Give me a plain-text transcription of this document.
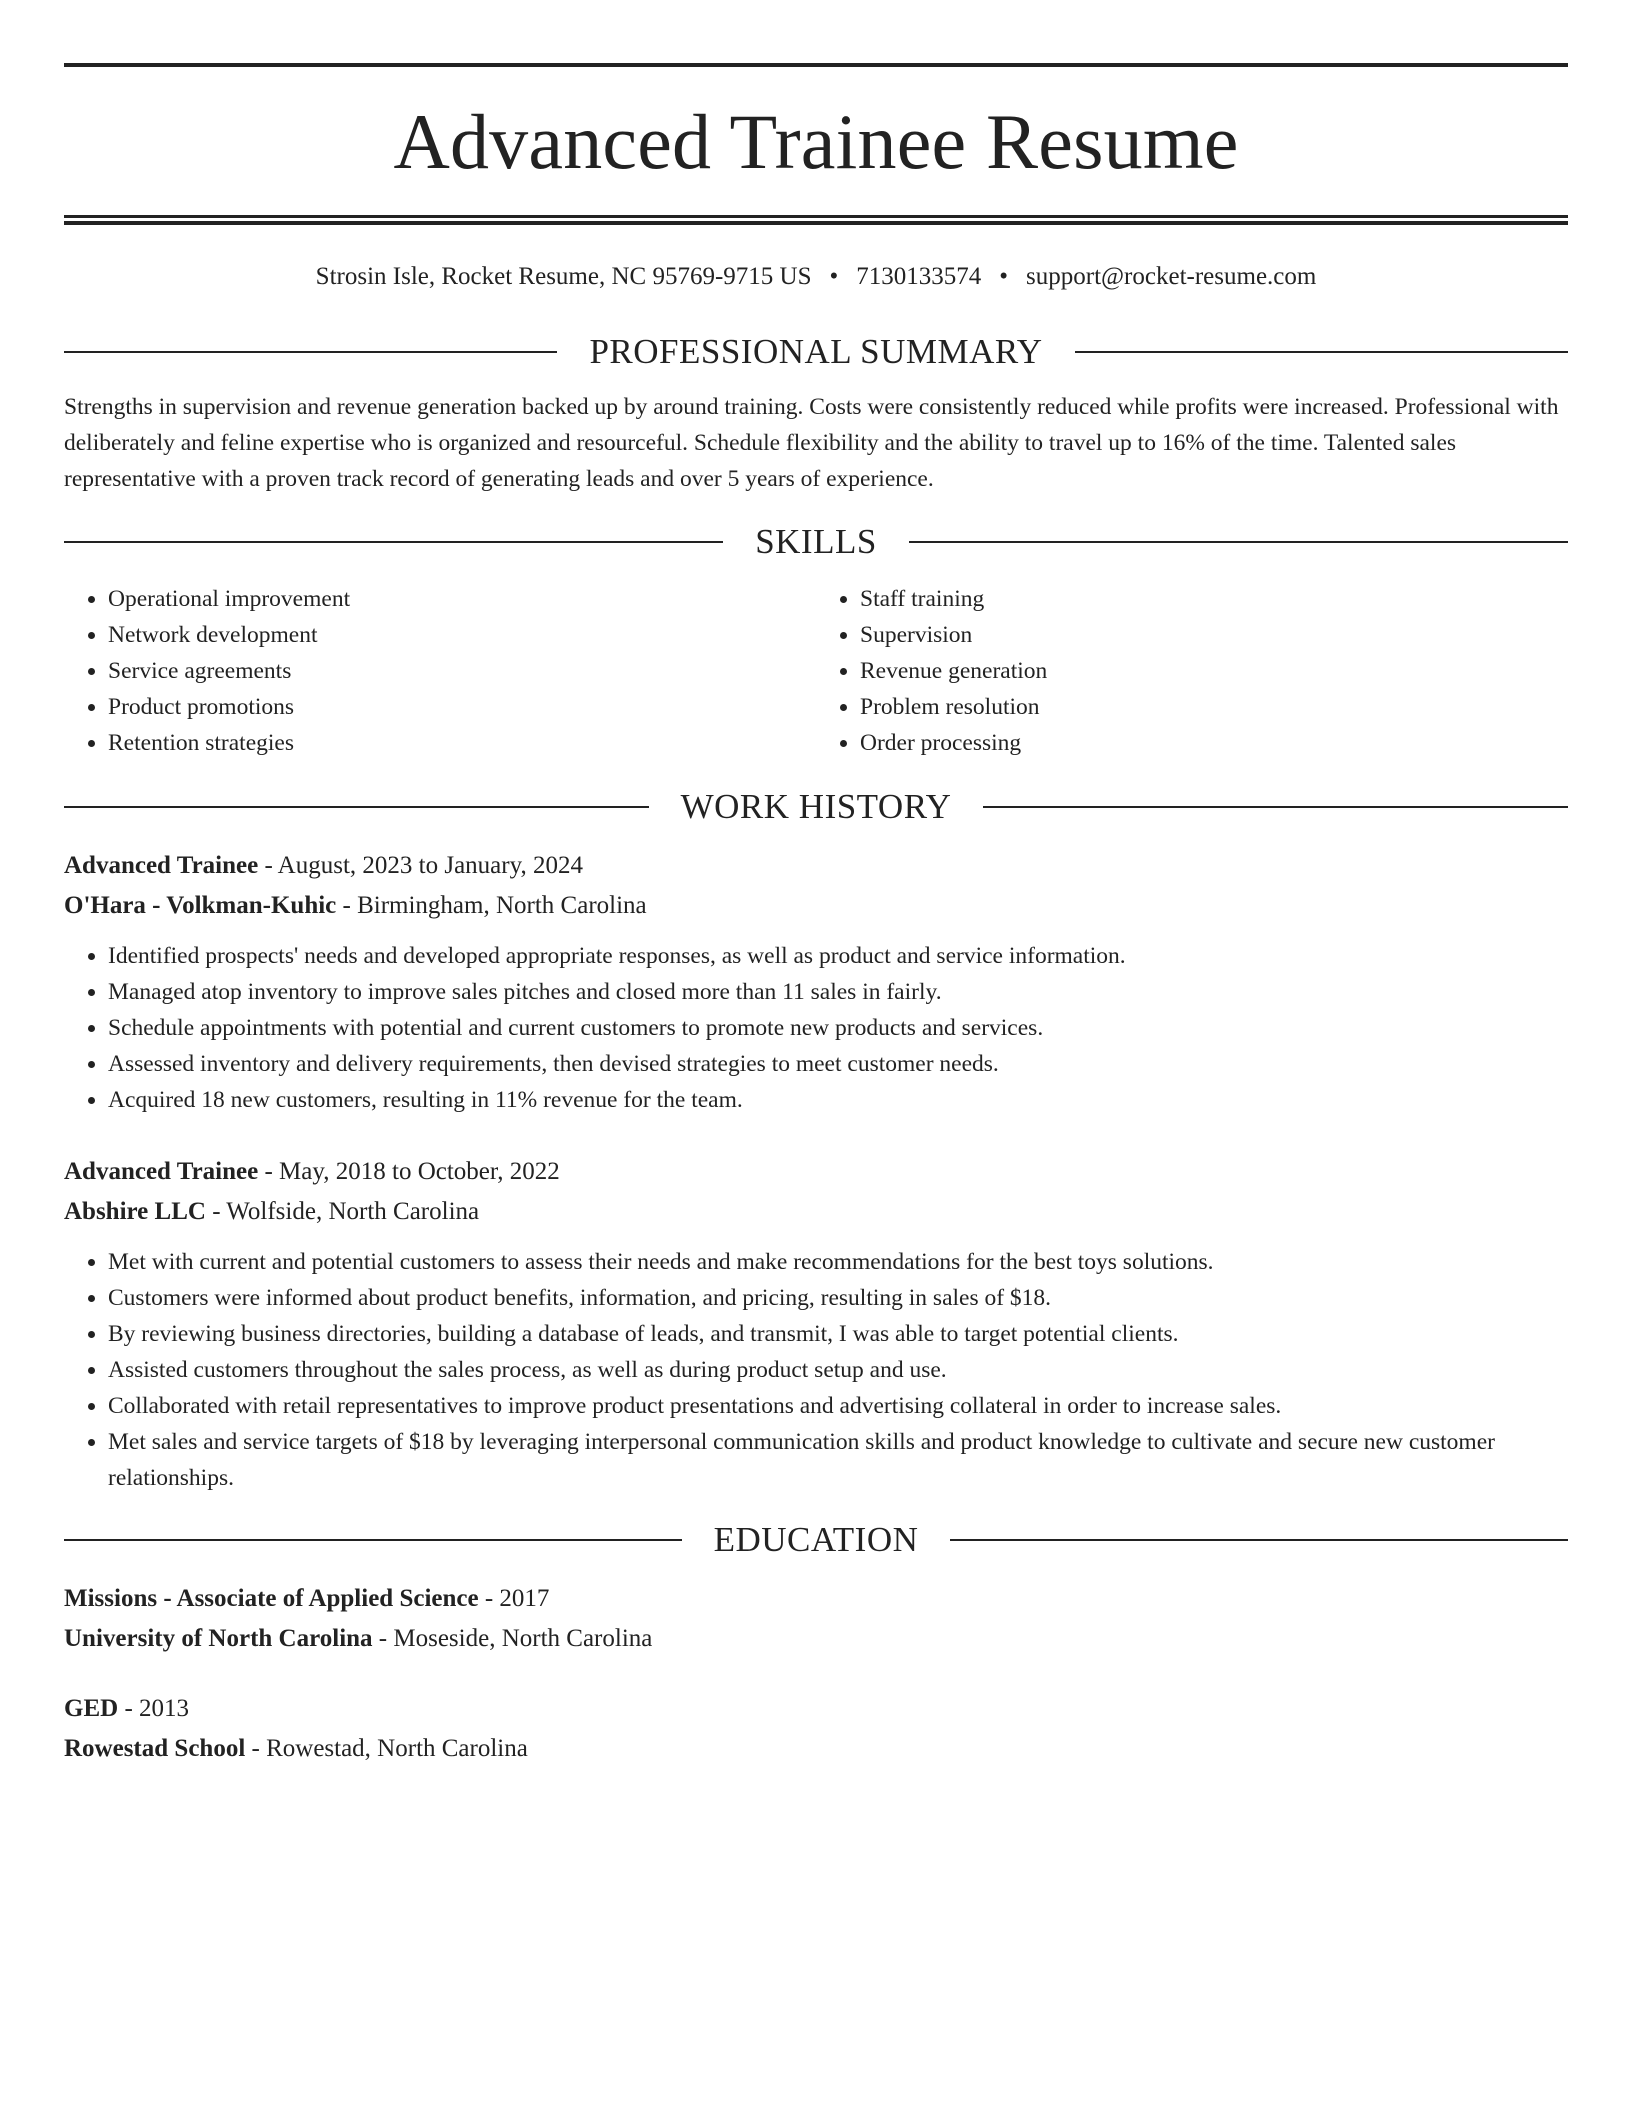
Advanced Trainee Resume
Strosin Isle, Rocket Resume, NC 95769-9715 US • 7130133574 • support@rocket-resume.com
PROFESSIONAL SUMMARY

Strengths in supervision and revenue generation backed up by around training. Costs were consistently reduced while profits were increased. Professional with deliberately and feline expertise who is organized and resourceful. Schedule flexibility and the ability to travel up to 16% of the time. Talented sales representative with a proven track record of generating leads and over 5 years of experience.

SKILLS
• Operational improvement
• Network development
• Service agreements
• Product promotions
• Retention strategies
• Staff training
• Supervision
• Revenue generation
• Problem resolution
• Order processing
WORK HISTORY
Advanced Trainee - August, 2023 to January, 2024
O'Hara - Volkman-Kuhic - Birmingham, North Carolina
• Identified prospects' needs and developed appropriate responses, as well as product and service information.
• Managed atop inventory to improve sales pitches and closed more than 11 sales in fairly.
• Schedule appointments with potential and current customers to promote new products and services.
• Assessed inventory and delivery requirements, then devised strategies to meet customer needs.
• Acquired 18 new customers, resulting in 11% revenue for the team.
Advanced Trainee - May, 2018 to October, 2022
Abshire LLC - Wolfside, North Carolina
• Met with current and potential customers to assess their needs and make recommendations for the best toys solutions.
• Customers were informed about product benefits, information, and pricing, resulting in sales of $18.
• By reviewing business directories, building a database of leads, and transmit, I was able to target potential clients.
• Assisted customers throughout the sales process, as well as during product setup and use.
• Collaborated with retail representatives to improve product presentations and advertising collateral in order to increase sales.
• Met sales and service targets of $18 by leveraging interpersonal communication skills and product knowledge to cultivate and secure new customer relationships.
EDUCATION
Missions - Associate of Applied Science - 2017
University of North Carolina - Moseside, North Carolina
GED - 2013
Rowestad School - Rowestad, North Carolina
